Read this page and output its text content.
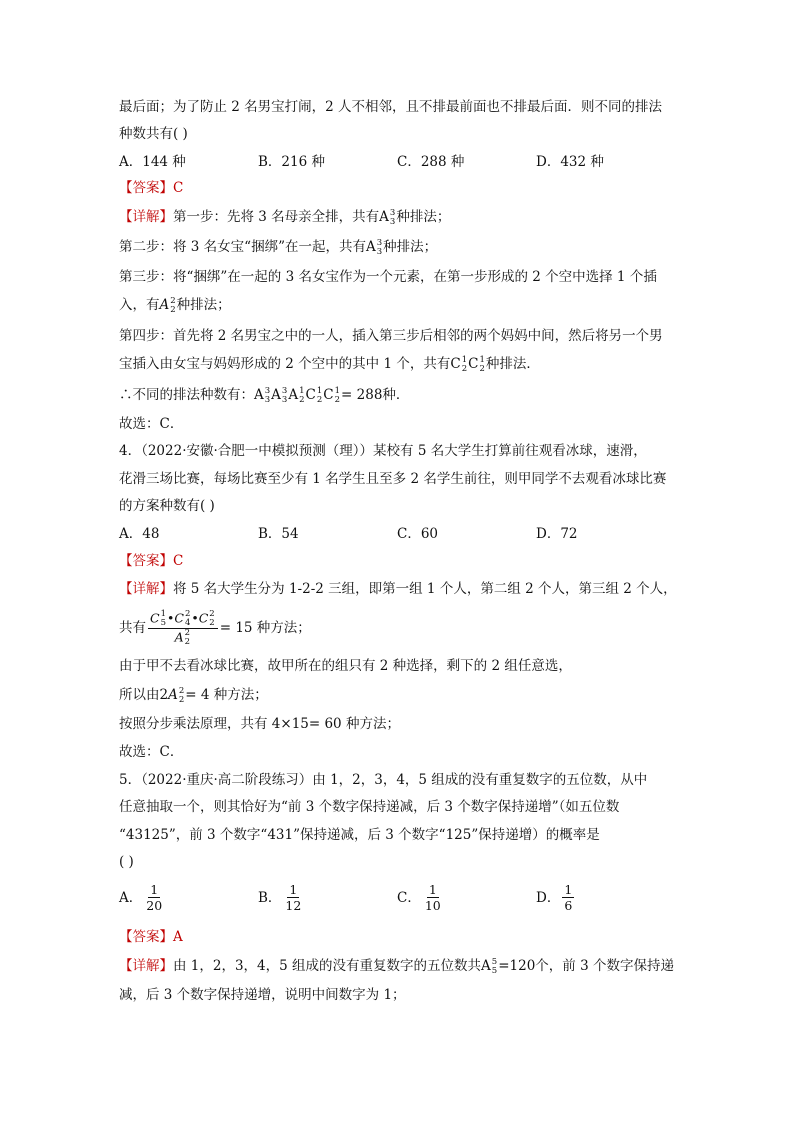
最后面；为了防止 2 名男宝打闹，2 人不相邻，且不排最前面也不排最后面．则不同的排法
种数共有( )
A．144 种	B．216 种	C．288 种	D．432 种
【答案】C
【详解】第一步：先将 3 名母亲全排，共有A 3
3 种排法；
第二步：将 3 名女宝“捆绑”在一起，共有A 3
3 种排法；
第三步：将“捆绑”在一起的 3 名女宝作为一个元素，在第一步形成的 2 个空中选择 1 个插
入，有A 2
2 种排法；
第四步：首先将 2 名男宝之中的一人，插入第三步后相邻的两个妈妈中间，然后将另一个男
宝插入由女宝与妈妈形成的 2 个空中的其中 1 个，共有C 1
2 C 1
2 种排法．
∴不同的排法种数有：A 3
3 A 3
3 A 1
2 C 1
2 C 1
2 = 288种．
故选：C．
4．（2022·安徽·合肥一中模拟预测（理））某校有 5 名大学生打算前往观看冰球，速滑，
花滑三场比赛，每场比赛至少有 1 名学生且至多 2 名学生前往，则甲同学不去观看冰球比赛
的方案种数有( )
A．48	B．54	C．60	D．72
【答案】C
【详解】将 5 名大学生分为 1-2-2 三组，即第一组 1 个人，第二组 2 个人，第三组 2 个人，
共有 C 1
5 •C 2
4 •C 2
2
A 2
2 = 15 种方法；
由于甲不去看冰球比赛，故甲所在的组只有 2 种选择，剩下的 2 组任意选，
所以由2A 2
2 = 4 种方法；
按照分步乘法原理，共有 4×15= 60 种方法；
故选：C．
5．（2022·重庆·高二阶段练习）由 1，2，3，4，5 组成的没有重复数字的五位数，从中
任意抽取一个，则其恰好为“前 3 个数字保持递减，后 3 个数字保持递增”（如五位数
“43125”，前 3 个数字“431”保持递减，后 3 个数字“125”保持递增）的概率是
( )
A． $\frac{1}{20}$	B． $\frac{1}{12}$	C． $\frac{1}{10}$	D． $\frac{1}{6}$
【答案】A
【详解】由 1，2，3，4，5 组成的没有重复数字的五位数共A 5
5 =120个，前 3 个数字保持递
减，后 3 个数字保持递增，说明中间数字为 1；
